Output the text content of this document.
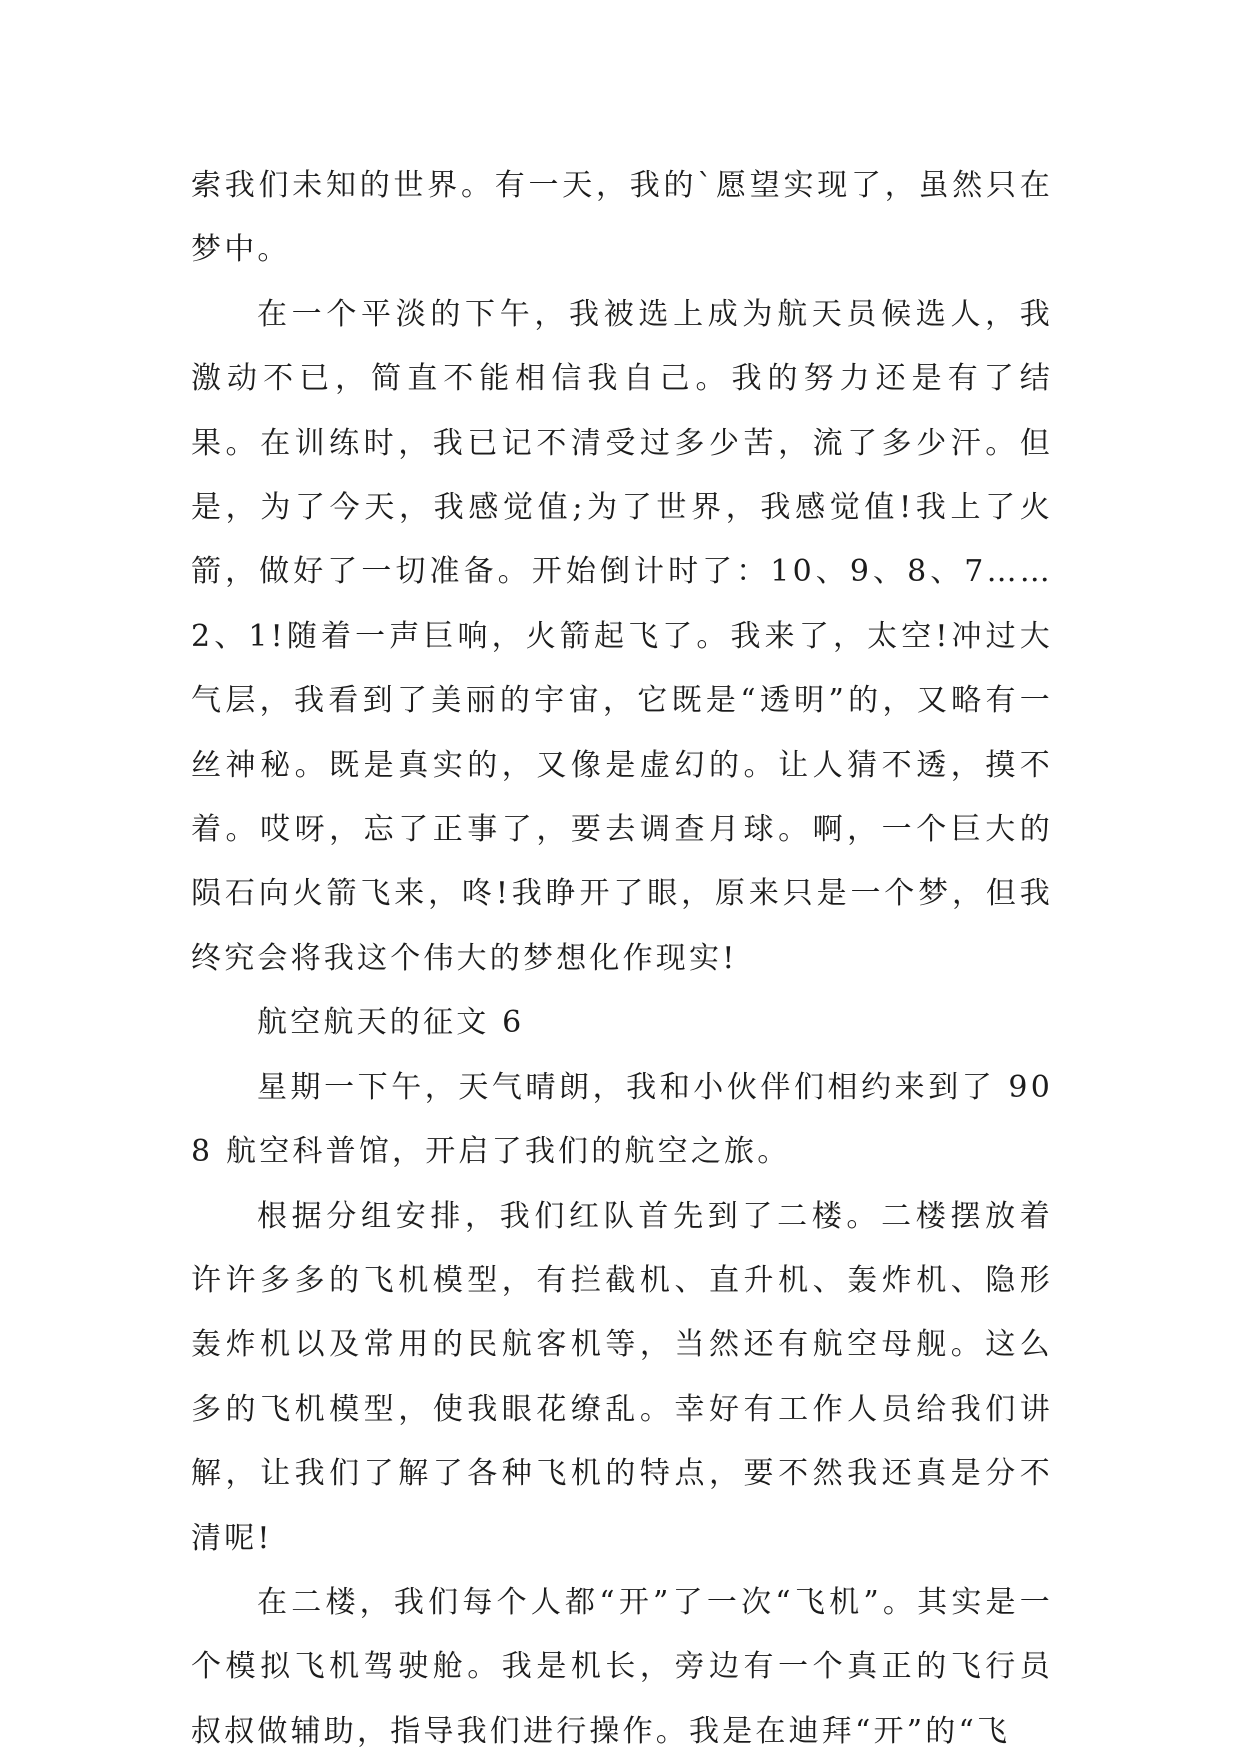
索我们未知的世界。有一天，我的`愿望实现了，虽然只在梦中。

在一个平淡的下午，我被选上成为航天员候选人，我激动不已，简直不能相信我自己。我的努力还是有了结果。在训练时，我已记不清受过多少苦，流了多少汗。但是，为了今天，我感觉值;为了世界，我感觉值!我上了火箭，做好了一切准备。开始倒计时了：10、9、8、7……2、1!随着一声巨响，火箭起飞了。我来了，太空!冲过大气层，我看到了美丽的宇宙，它既是“透明”的，又略有一丝神秘。既是真实的，又像是虚幻的。让人猜不透，摸不着。哎呀，忘了正事了，要去调查月球。啊，一个巨大的陨石向火箭飞来，咚!我睁开了眼，原来只是一个梦，但我终究会将我这个伟大的梦想化作现实!

航空航天的征文 6

星期一下午，天气晴朗，我和小伙伴们相约来到了 908 航空科普馆，开启了我们的航空之旅。

根据分组安排，我们红队首先到了二楼。二楼摆放着许许多多的飞机模型，有拦截机、直升机、轰炸机、隐形轰炸机以及常用的民航客机等，当然还有航空母舰。这么多的飞机模型，使我眼花缭乱。幸好有工作人员给我们讲解，让我们了解了各种飞机的特点，要不然我还真是分不清呢!

在二楼，我们每个人都“开”了一次“飞机”。其实是一个模拟飞机驾驶舱。我是机长，旁边有一个真正的飞行员叔叔做辅助，指导我们进行操作。我是在迪拜“开”的“飞
